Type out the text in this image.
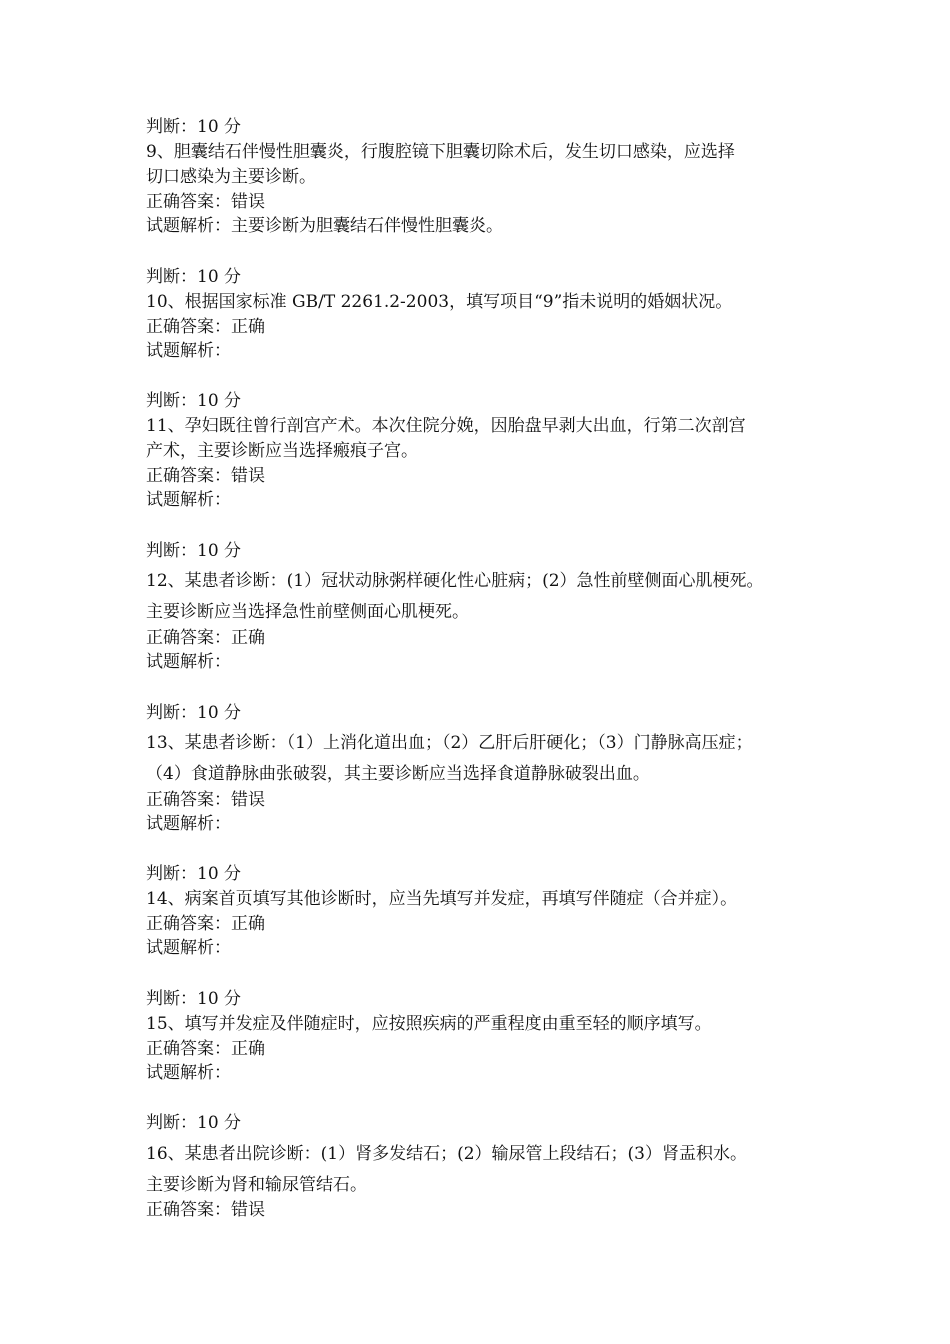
判断：10 分
9、胆囊结石伴慢性胆囊炎，行腹腔镜下胆囊切除术后，发生切口感染，应选择
切口感染为主要诊断。
正确答案：错误
试题解析：主要诊断为胆囊结石伴慢性胆囊炎。
判断：10 分
10、根据国家标准 GB/T 2261.2-2003，填写项目“9”指未说明的婚姻状况。
正确答案：正确
试题解析：
判断：10 分
11、孕妇既往曾行剖宫产术。本次住院分娩，因胎盘早剥大出血，行第二次剖宫
产术，主要诊断应当选择瘢痕子宫。
正确答案：错误
试题解析：
判断：10 分
12、某患者诊断：(1）冠状动脉粥样硬化性心脏病；(2）急性前壁侧面心肌梗死。
主要诊断应当选择急性前壁侧面心肌梗死。
正确答案：正确
试题解析：
判断：10 分
13、某患者诊断：（1）上消化道出血；（2）乙肝后肝硬化；（3）门静脉高压症；
（4）食道静脉曲张破裂，其主要诊断应当选择食道静脉破裂出血。
正确答案：错误
试题解析：
判断：10 分
14、病案首页填写其他诊断时，应当先填写并发症，再填写伴随症（合并症）。
正确答案：正确
试题解析：
判断：10 分
15、填写并发症及伴随症时，应按照疾病的严重程度由重至轻的顺序填写。
正确答案：正确
试题解析：
判断：10 分
16、某患者出院诊断：(1）肾多发结石；(2）输尿管上段结石；(3）肾盂积水。
主要诊断为肾和输尿管结石。
正确答案：错误
